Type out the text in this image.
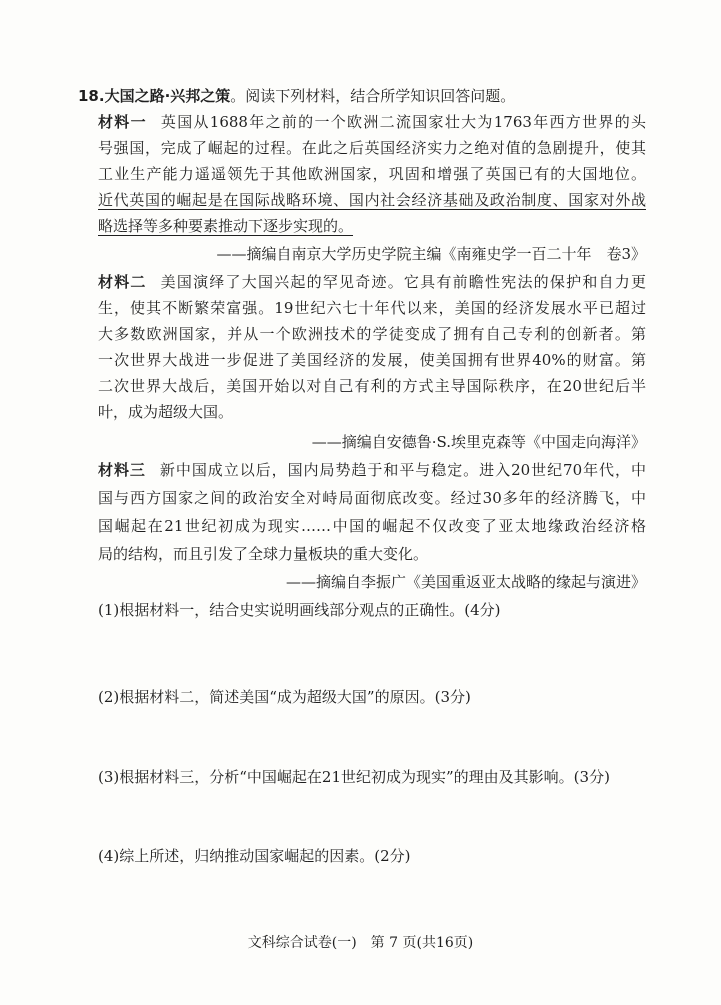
18.大国之路·兴邦之策。阅读下列材料，结合所学知识回答问题。
材料一 英国从1688年之前的一个欧洲二流国家壮大为1763年西方世界的头
号强国，完成了崛起的过程。在此之后英国经济实力之绝对值的急剧提升，使其
工业生产能力遥遥领先于其他欧洲国家，巩固和增强了英国已有的大国地位。
近代英国的崛起是在国际战略环境、国内社会经济基础及政治制度、国家对外战
略选择等多种要素推动下逐步实现的。
——摘编自南京大学历史学院主编《南雍史学一百二十年　卷3》
材料二 美国演绎了大国兴起的罕见奇迹。它具有前瞻性宪法的保护和自力更
生，使其不断繁荣富强。19世纪六七十年代以来，美国的经济发展水平已超过
大多数欧洲国家，并从一个欧洲技术的学徒变成了拥有自己专利的创新者。第
一次世界大战进一步促进了美国经济的发展，使美国拥有世界40%的财富。第
二次世界大战后，美国开始以对自己有利的方式主导国际秩序，在20世纪后半
叶，成为超级大国。
——摘编自安德鲁·S.埃里克森等《中国走向海洋》
材料三 新中国成立以后，国内局势趋于和平与稳定。进入20世纪70年代，中
国与西方国家之间的政治安全对峙局面彻底改变。经过30多年的经济腾飞，中
国崛起在21世纪初成为现实……中国的崛起不仅改变了亚太地缘政治经济格
局的结构，而且引发了全球力量板块的重大变化。
——摘编自李振广《美国重返亚太战略的缘起与演进》
(1)根据材料一，结合史实说明画线部分观点的正确性。(4分)
(2)根据材料二，简述美国“成为超级大国”的原因。(3分)
(3)根据材料三，分析“中国崛起在21世纪初成为现实”的理由及其影响。(3分)
(4)综上所述，归纳推动国家崛起的因素。(2分)
文科综合试卷(一)　第 7 页(共16页)
